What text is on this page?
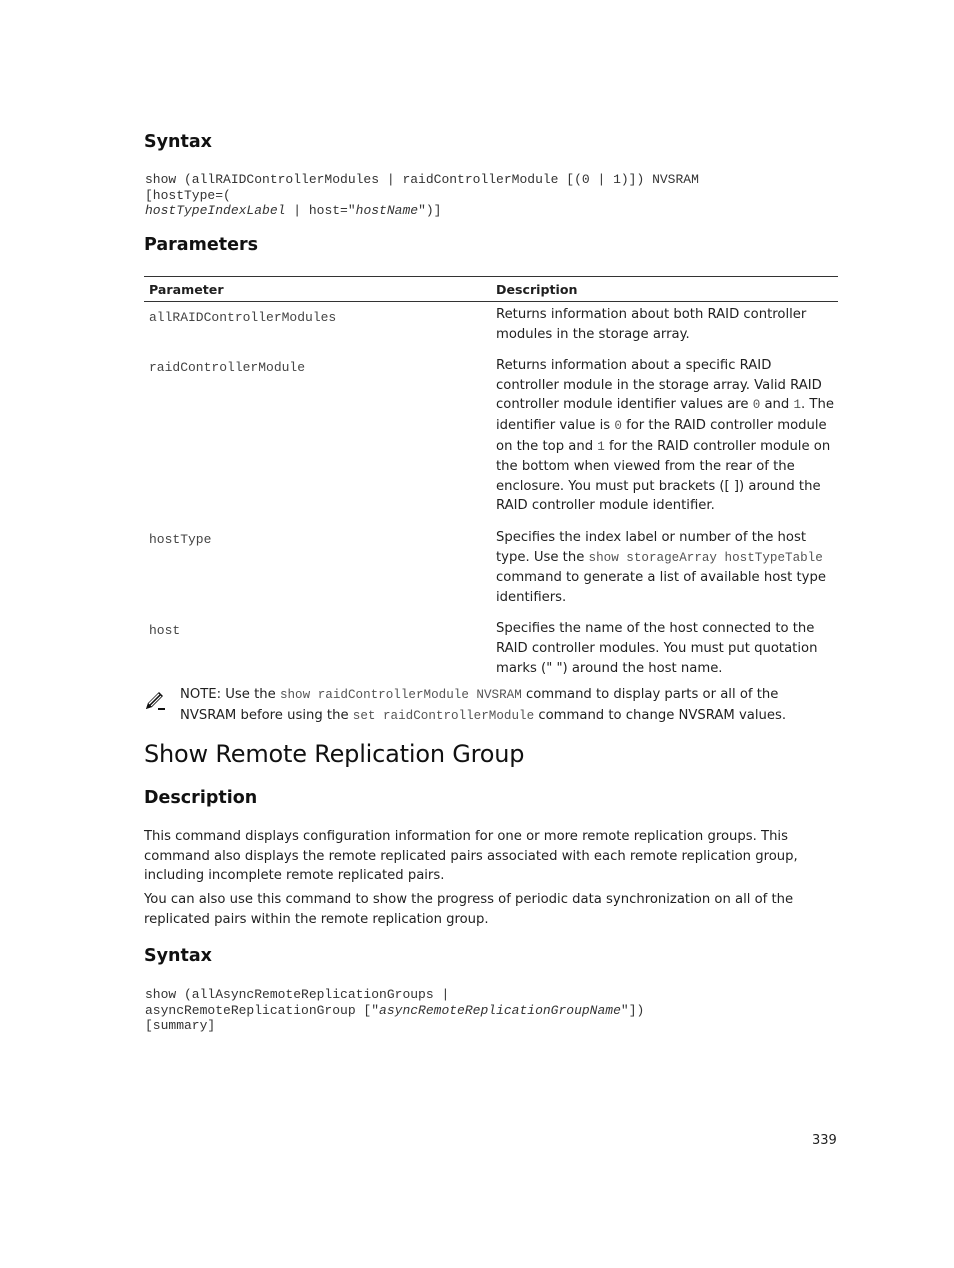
Syntax
show (allRAIDControllerModules | raidControllerModule [(0 | 1)]) NVSRAM
[hostType=(
hostTypeIndexLabel | host="hostName")]
Parameters
Parameter	Description
allRAIDControllerModules	Returns information about both RAID controller modules in the storage array.
raidControllerModule	Returns information about a specific RAID controller module in the storage array. Valid RAID controller module identifier values are 0 and 1. The identifier value is 0 for the RAID controller module on the top and 1 for the RAID controller module on the bottom when viewed from the rear of the enclosure. You must put brackets ([ ]) around the RAID controller module identifier.
hostType	Specifies the index label or number of the host type. Use the show storageArray hostTypeTable command to generate a list of available host type identifiers.
host	Specifies the name of the host connected to the RAID controller modules. You must put quotation marks (" ") around the host name.
NOTE: Use the show raidControllerModule NVSRAM command to display parts or all of the NVSRAM before using the set raidControllerModule command to change NVSRAM values.
Show Remote Replication Group
Description

This command displays configuration information for one or more remote replication groups. This command also displays the remote replicated pairs associated with each remote replication group, including incomplete remote replicated pairs.

You can also use this command to show the progress of periodic data synchronization on all of the replicated pairs within the remote replication group.

Syntax
show (allAsyncRemoteReplicationGroups |
asyncRemoteReplicationGroup ["asyncRemoteReplicationGroupName"])
[summary]
339
